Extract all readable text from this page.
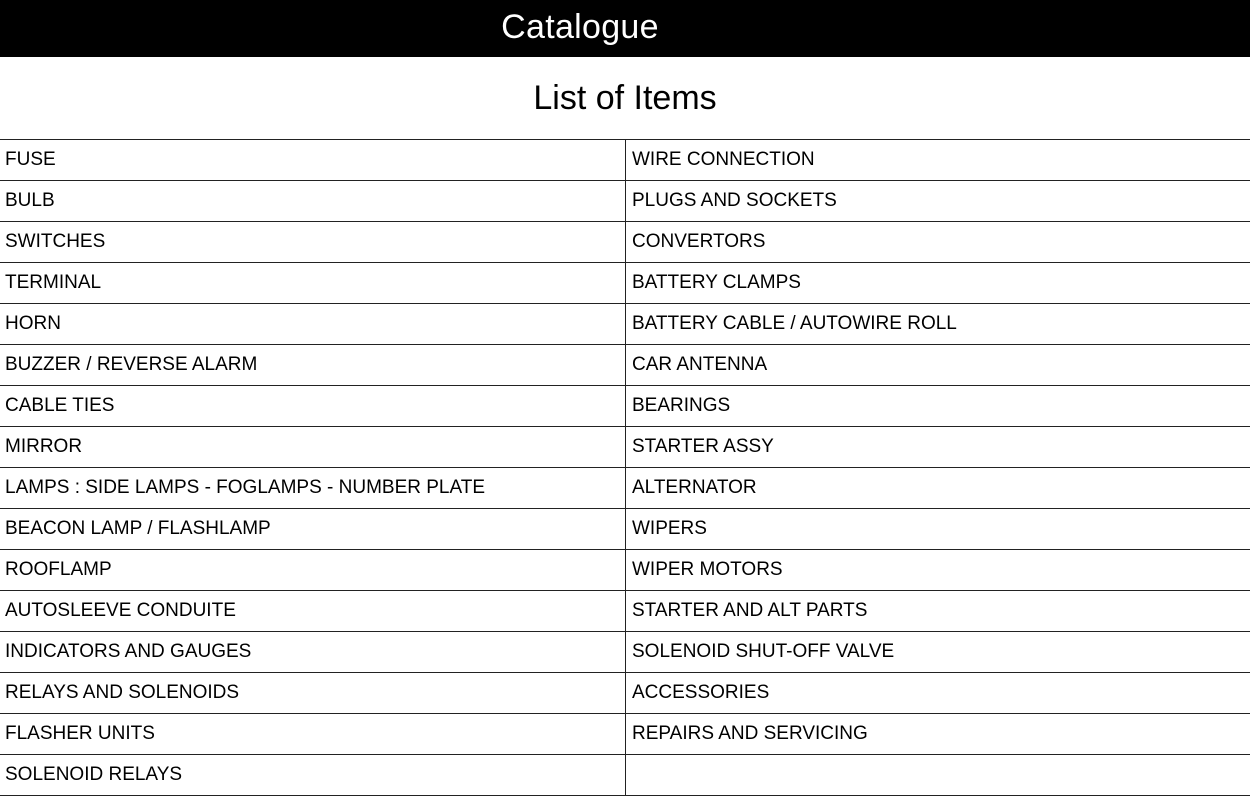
Catalogue
List of Items
FUSE	WIRE CONNECTION
BULB	PLUGS AND SOCKETS
SWITCHES	CONVERTORS
TERMINAL	BATTERY CLAMPS
HORN	BATTERY CABLE / AUTOWIRE ROLL
BUZZER / REVERSE ALARM	CAR ANTENNA
CABLE TIES	BEARINGS
MIRROR	STARTER ASSY
LAMPS : SIDE LAMPS - FOGLAMPS - NUMBER PLATE	ALTERNATOR
BEACON LAMP / FLASHLAMP	WIPERS
ROOFLAMP	WIPER MOTORS
AUTOSLEEVE CONDUITE	STARTER AND ALT PARTS
INDICATORS AND GAUGES	SOLENOID SHUT-OFF VALVE
RELAYS AND SOLENOIDS	ACCESSORIES
FLASHER UNITS	REPAIRS AND SERVICING
SOLENOID RELAYS	
